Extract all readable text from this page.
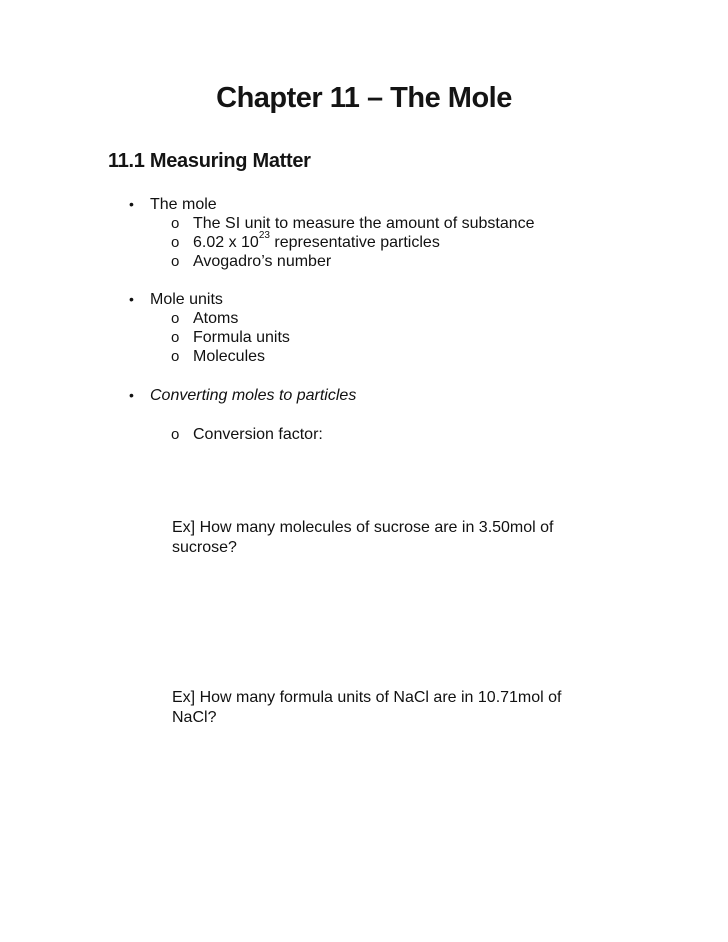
Chapter 11 – The Mole
11.1 Measuring Matter
• The mole
o The SI unit to measure the amount of substance
o 6.02 x $10^{23}$ representative particles
o Avogadro’s number
• Mole units
o Atoms
o Formula units
o Molecules
• Converting moles to particles
o Conversion factor:
Ex] How many molecules of sucrose are in 3.50mol of sucrose?
Ex] How many formula units of NaCl are in 10.71mol of NaCl?
